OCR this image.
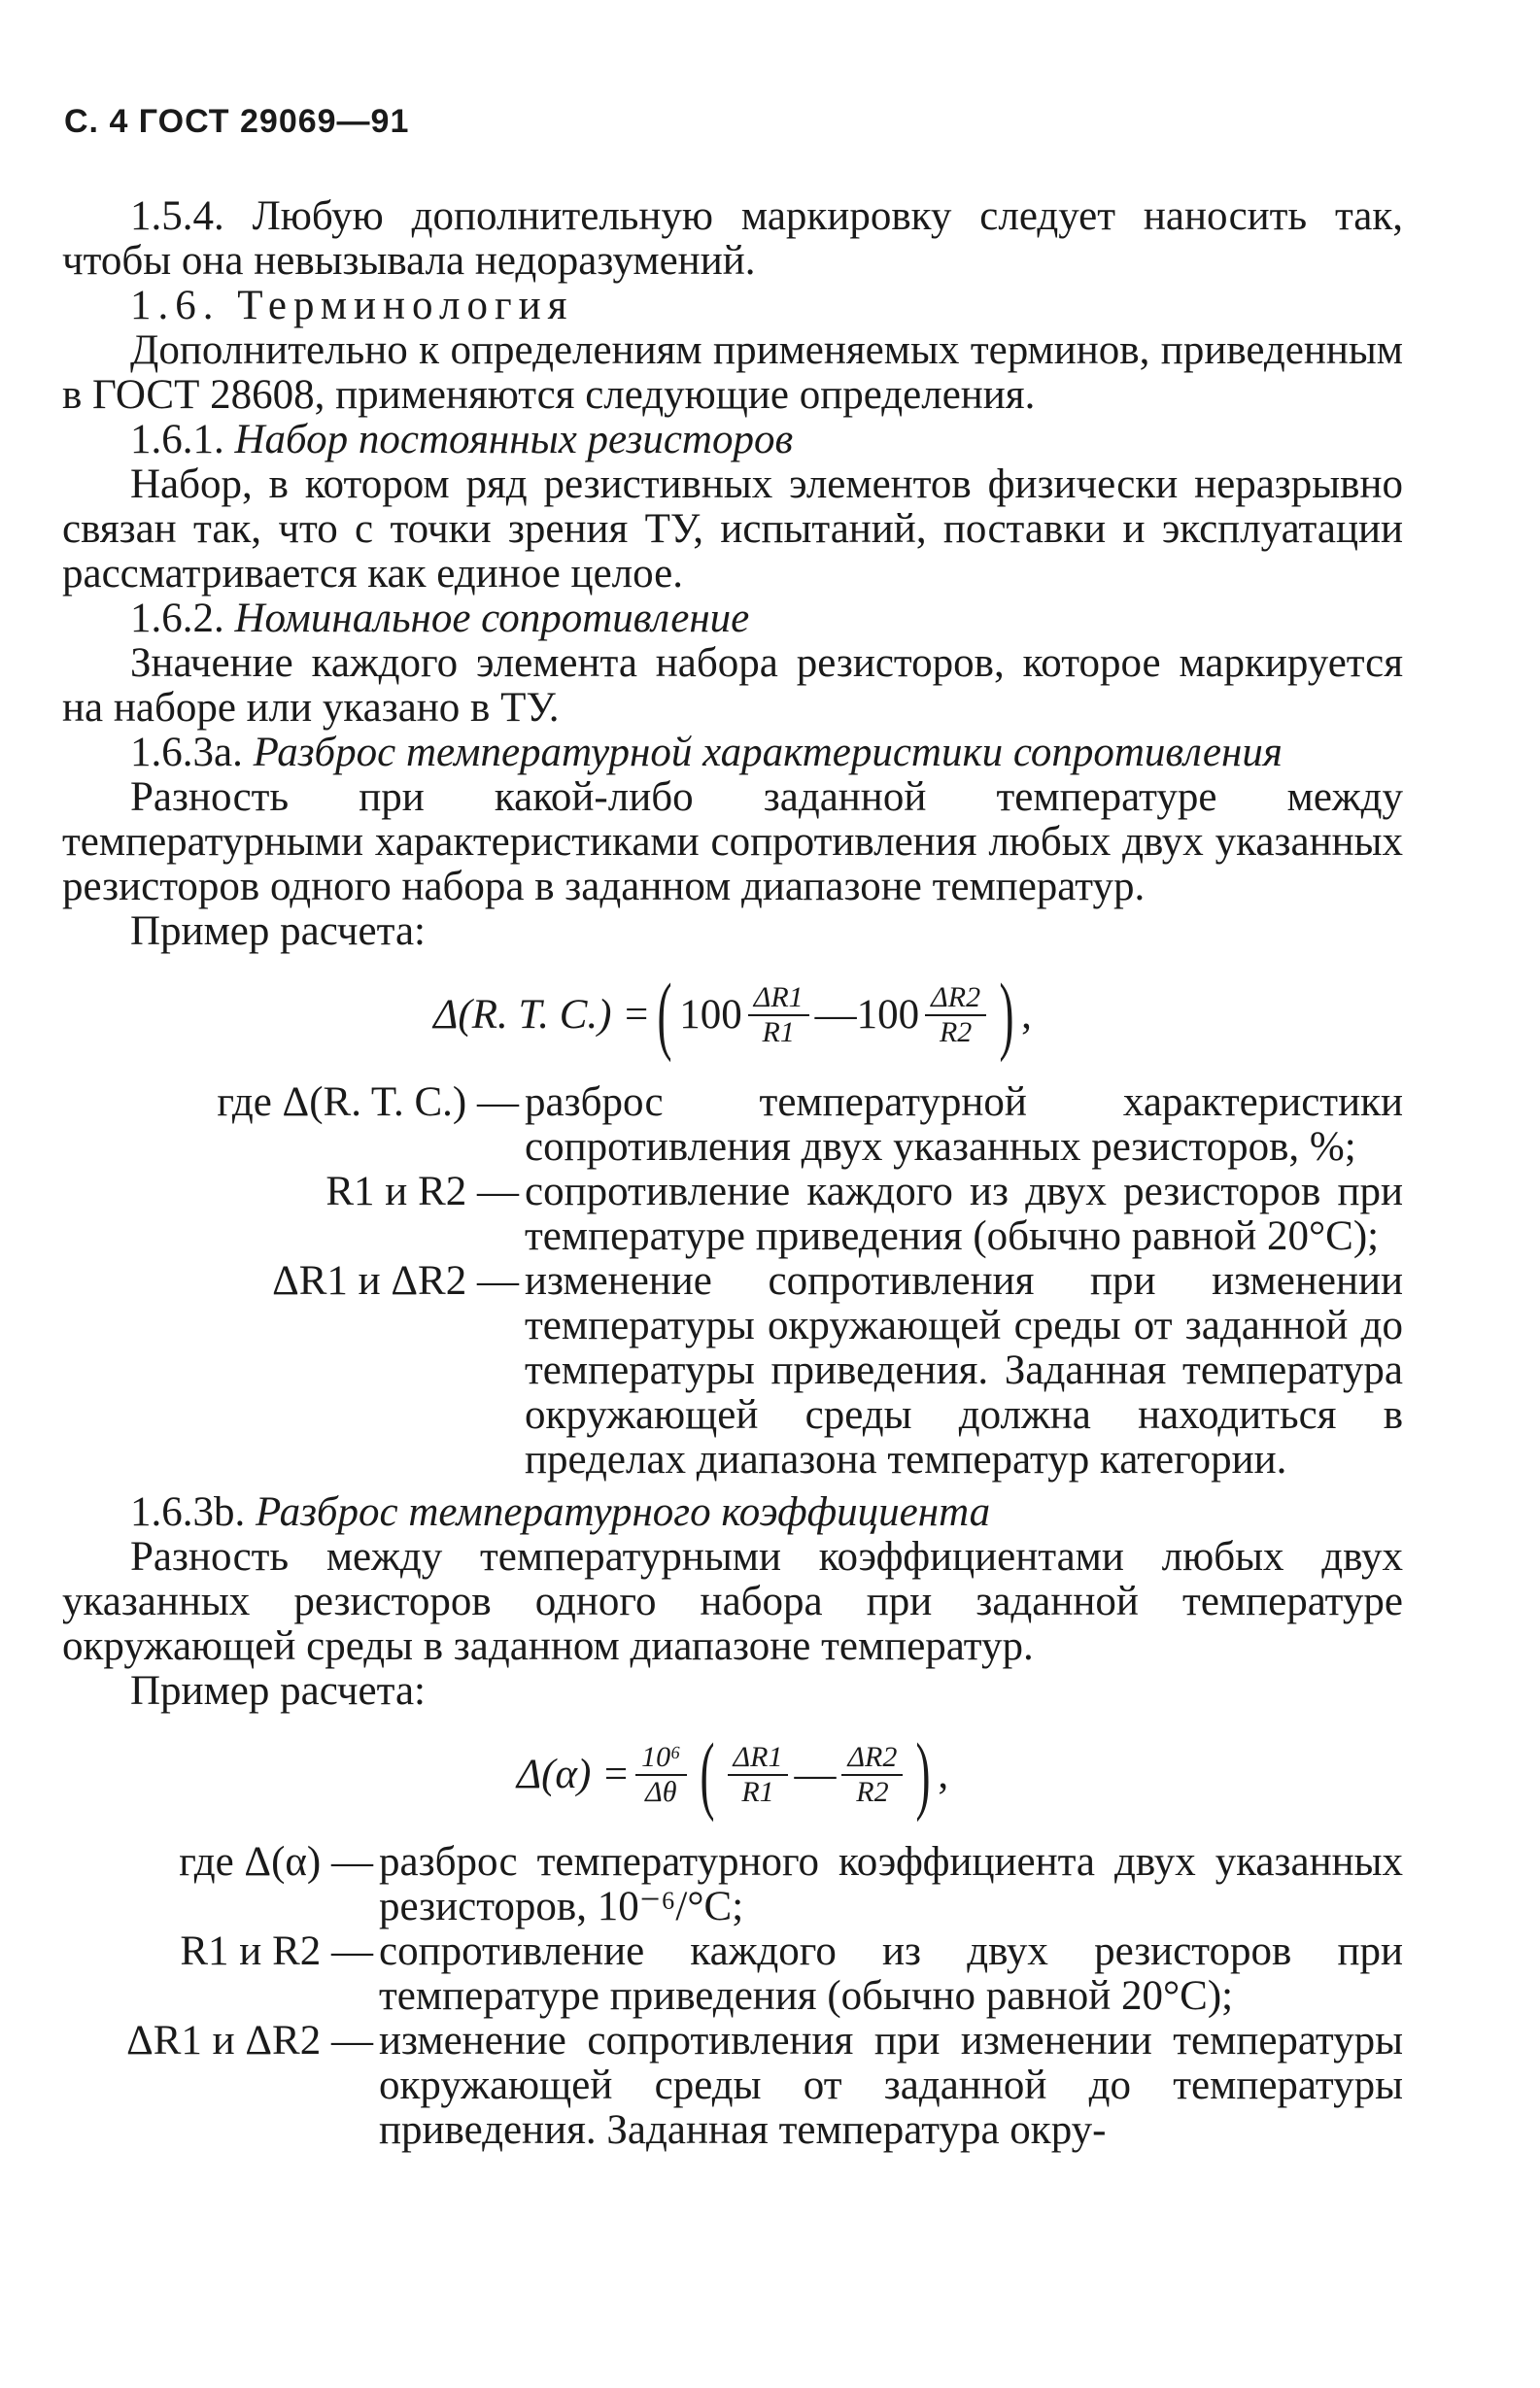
С. 4 ГОСТ 29069—91

1.5.4. Любую дополнительную маркировку следует наносить так, чтобы она невызывала недоразумений.

1.6. Терминология

Дополнительно к определениям применяемых терминов, приведенным в ГОСТ 28608, применяются следующие определения.

1.6.1. Набор постоянных резисторов

Набор, в котором ряд резистивных элементов физически неразрывно связан так, что с точки зрения ТУ, испытаний, поставки и эксплуатации рассматривается как единое целое.

1.6.2. Номинальное сопротивление

Значение каждого элемента набора резисторов, которое маркируется на наборе или указано в ТУ.

1.6.3а. Разброс температурной характеристики сопротивления

Разность при какой-либо заданной температуре между температурными характеристиками сопротивления любых двух указанных резисторов одного набора в заданном диапазоне температур.

Пример расчета:

Δ(R. T. C.) = ( $100 \frac{\Delta R1}{R1}$ —100 $\frac{\Delta R2}{R2}$ ) ,
где Δ(R. T. C.) — разброс температурной характеристики сопротивления двух указанных резисторов, %;
R1 и R2 — сопротивление каждого из двух резисторов при температуре приведения (обычно равной 20°С);
ΔR1 и ΔR2 — изменение сопротивления при изменении температуры окружающей среды от заданной до температуры приведения. Заданная температура окружающей среды должна находиться в пределах диапазона температур категории.

1.6.3b. Разброс температурного коэффициента

Разность между температурными коэффициентами любых двух указанных резисторов одного набора при заданной температуре окружающей среды в заданном диапазоне температур.

Пример расчета:

$\Delta(\alpha) = \frac{\text{10⁶}}{\Delta\theta}$ ( $\frac{\Delta R1}{R1}$ — $\frac{\Delta R2}{R2}$ ) ,
где Δ(α) — разброс температурного коэффициента двух указанных резисторов, 10⁻⁶/°С;
R1 и R2 — сопротивление каждого из двух резисторов при температуре приведения (обычно равной 20°С);
ΔR1 и ΔR2 — изменение сопротивления при изменении температуры окружающей среды от заданной до температуры приведения. Заданная температура окру-
